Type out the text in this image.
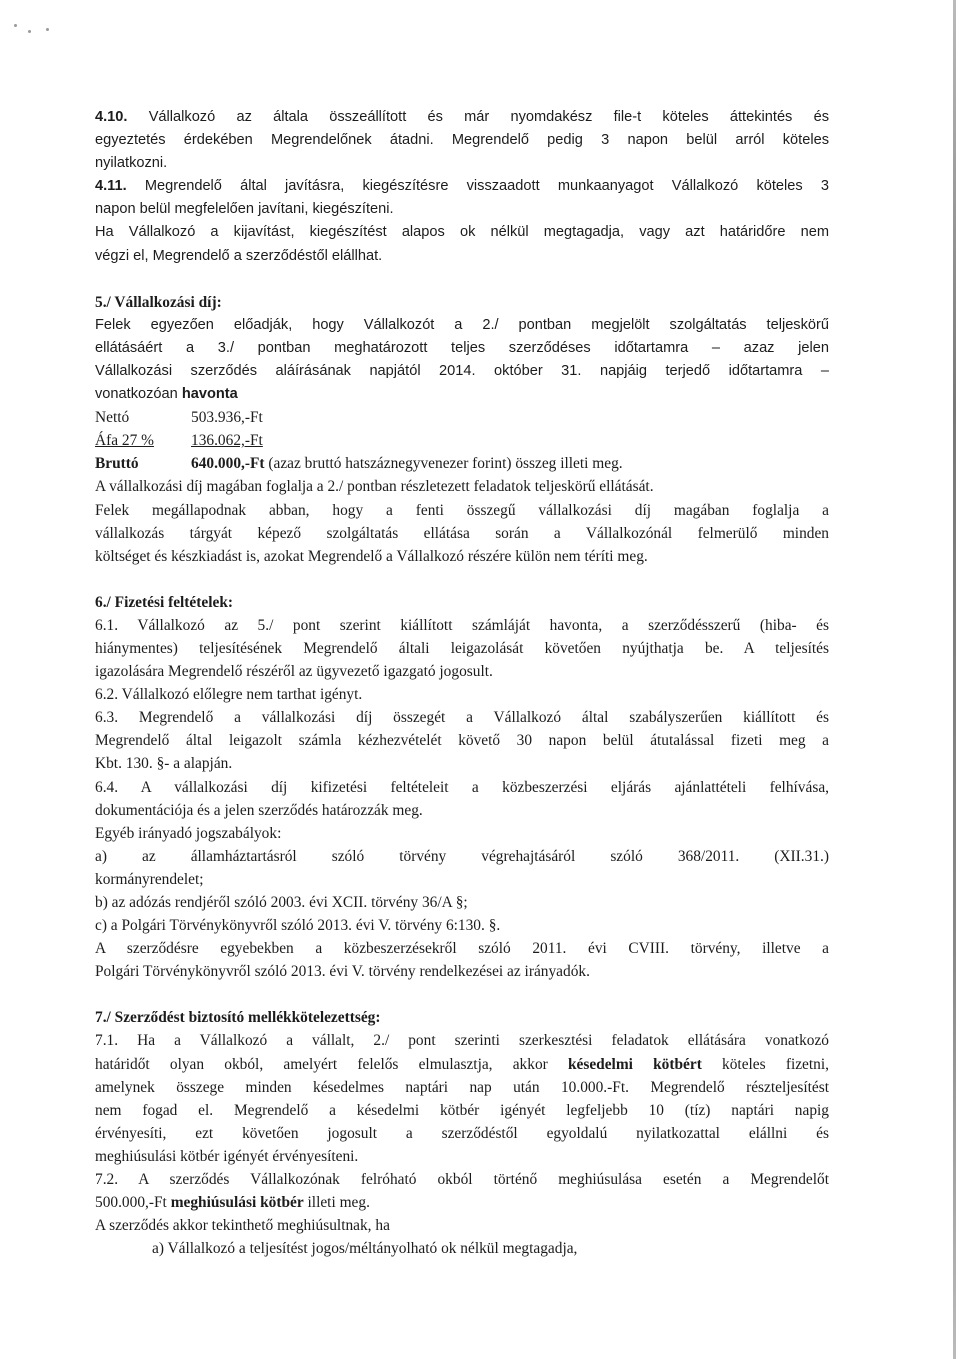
4.10. Vállalkozó az általa összeállított és már nyomdakész file-t köteles áttekintés és

egyeztetés érdekében Megrendelőnek átadni. Megrendelő pedig 3 napon belül arról köteles

nyilatkozni.

4.11. Megrendelő által javításra, kiegészítésre visszaadott munkaanyagot Vállalkozó köteles 3

napon belül megfelelően javítani, kiegészíteni.

Ha Vállalkozó a kijavítást, kiegészítést alapos ok nélkül megtagadja, vagy azt határidőre nem

végzi el, Megrendelő a szerződéstől elállhat.

5./ Vállalkozási díj:

Felek egyezően előadják, hogy Vállalkozót a 2./ pontban megjelölt szolgáltatás teljeskörű

ellátásáért a 3./ pontban meghatározott teljes szerződéses időtartamra – azaz jelen

Vállalkozási szerződés aláírásának napjától 2014. október 31. napjáig terjedő időtartamra –

vonatkozóan havonta

Nettó	503.936,-Ft
Áfa 27 %	136.062,-Ft
Bruttó	640.000,-Ft (azaz bruttó hatszáznegyvenezer forint) összeg illeti meg.

A vállalkozási díj magában foglalja a 2./ pontban részletezett feladatok teljeskörű ellátását.

Felek megállapodnak abban, hogy a fenti összegű vállalkozási díj magában foglalja a

vállalkozás tárgyát képező szolgáltatás ellátása során a Vállalkozónál felmerülő minden

költséget és készkiadást is, azokat Megrendelő a Vállalkozó részére külön nem téríti meg.

6./ Fizetési feltételek:

6.1. Vállalkozó az 5./ pont szerint kiállított számláját havonta, a szerződésszerű (hiba- és

hiánymentes) teljesítésének Megrendelő általi leigazolását követően nyújthatja be. A teljesítés

igazolására Megrendelő részéről az ügyvezető igazgató jogosult.

6.2. Vállalkozó előlegre nem tarthat igényt.

6.3. Megrendelő a vállalkozási díj összegét a Vállalkozó által szabályszerűen kiállított és

Megrendelő által leigazolt számla kézhezvételét követő 30 napon belül átutalással fizeti meg a

Kbt. 130. §- a alapján.

6.4. A vállalkozási díj kifizetési feltételeit a közbeszerzési eljárás ajánlattételi felhívása,

dokumentációja és a jelen szerződés határozzák meg.

Egyéb irányadó jogszabályok:

a) az államháztartásról szóló törvény végrehajtásáról szóló 368/2011. (XII.31.)

kormányrendelet;

b) az adózás rendjéről szóló 2003. évi XCII. törvény 36/A §;

c) a Polgári Törvénykönyvről szóló 2013. évi V. törvény 6:130. §.

A szerződésre egyebekben a közbeszerzésekről szóló 2011. évi CVIII. törvény, illetve a

Polgári Törvénykönyvről szóló 2013. évi V. törvény rendelkezései az irányadók.

7./ Szerződést biztosító mellékkötelezettség:

7.1. Ha a Vállalkozó a vállalt, 2./ pont szerinti szerkesztési feladatok ellátására vonatkozó

határidőt olyan okból, amelyért felelős elmulasztja, akkor késedelmi kötbért köteles fizetni,

amelynek összege minden késedelmes naptári nap után 10.000.-Ft. Megrendelő részteljesítést

nem fogad el. Megrendelő a késedelmi kötbér igényét legfeljebb 10 (tíz) naptári napig

érvényesíti, ezt követően jogosult a szerződéstől egyoldalú nyilatkozattal elállni és

meghiúsulási kötbér igényét érvényesíteni.

7.2. A szerződés Vállalkozónak felróható okból történő meghiúsulása esetén a Megrendelőt

500.000,-Ft meghiúsulási kötbér illeti meg.

A szerződés akkor tekinthető meghiúsultnak, ha

a) Vállalkozó a teljesítést jogos/méltányolható ok nélkül megtagadja,
